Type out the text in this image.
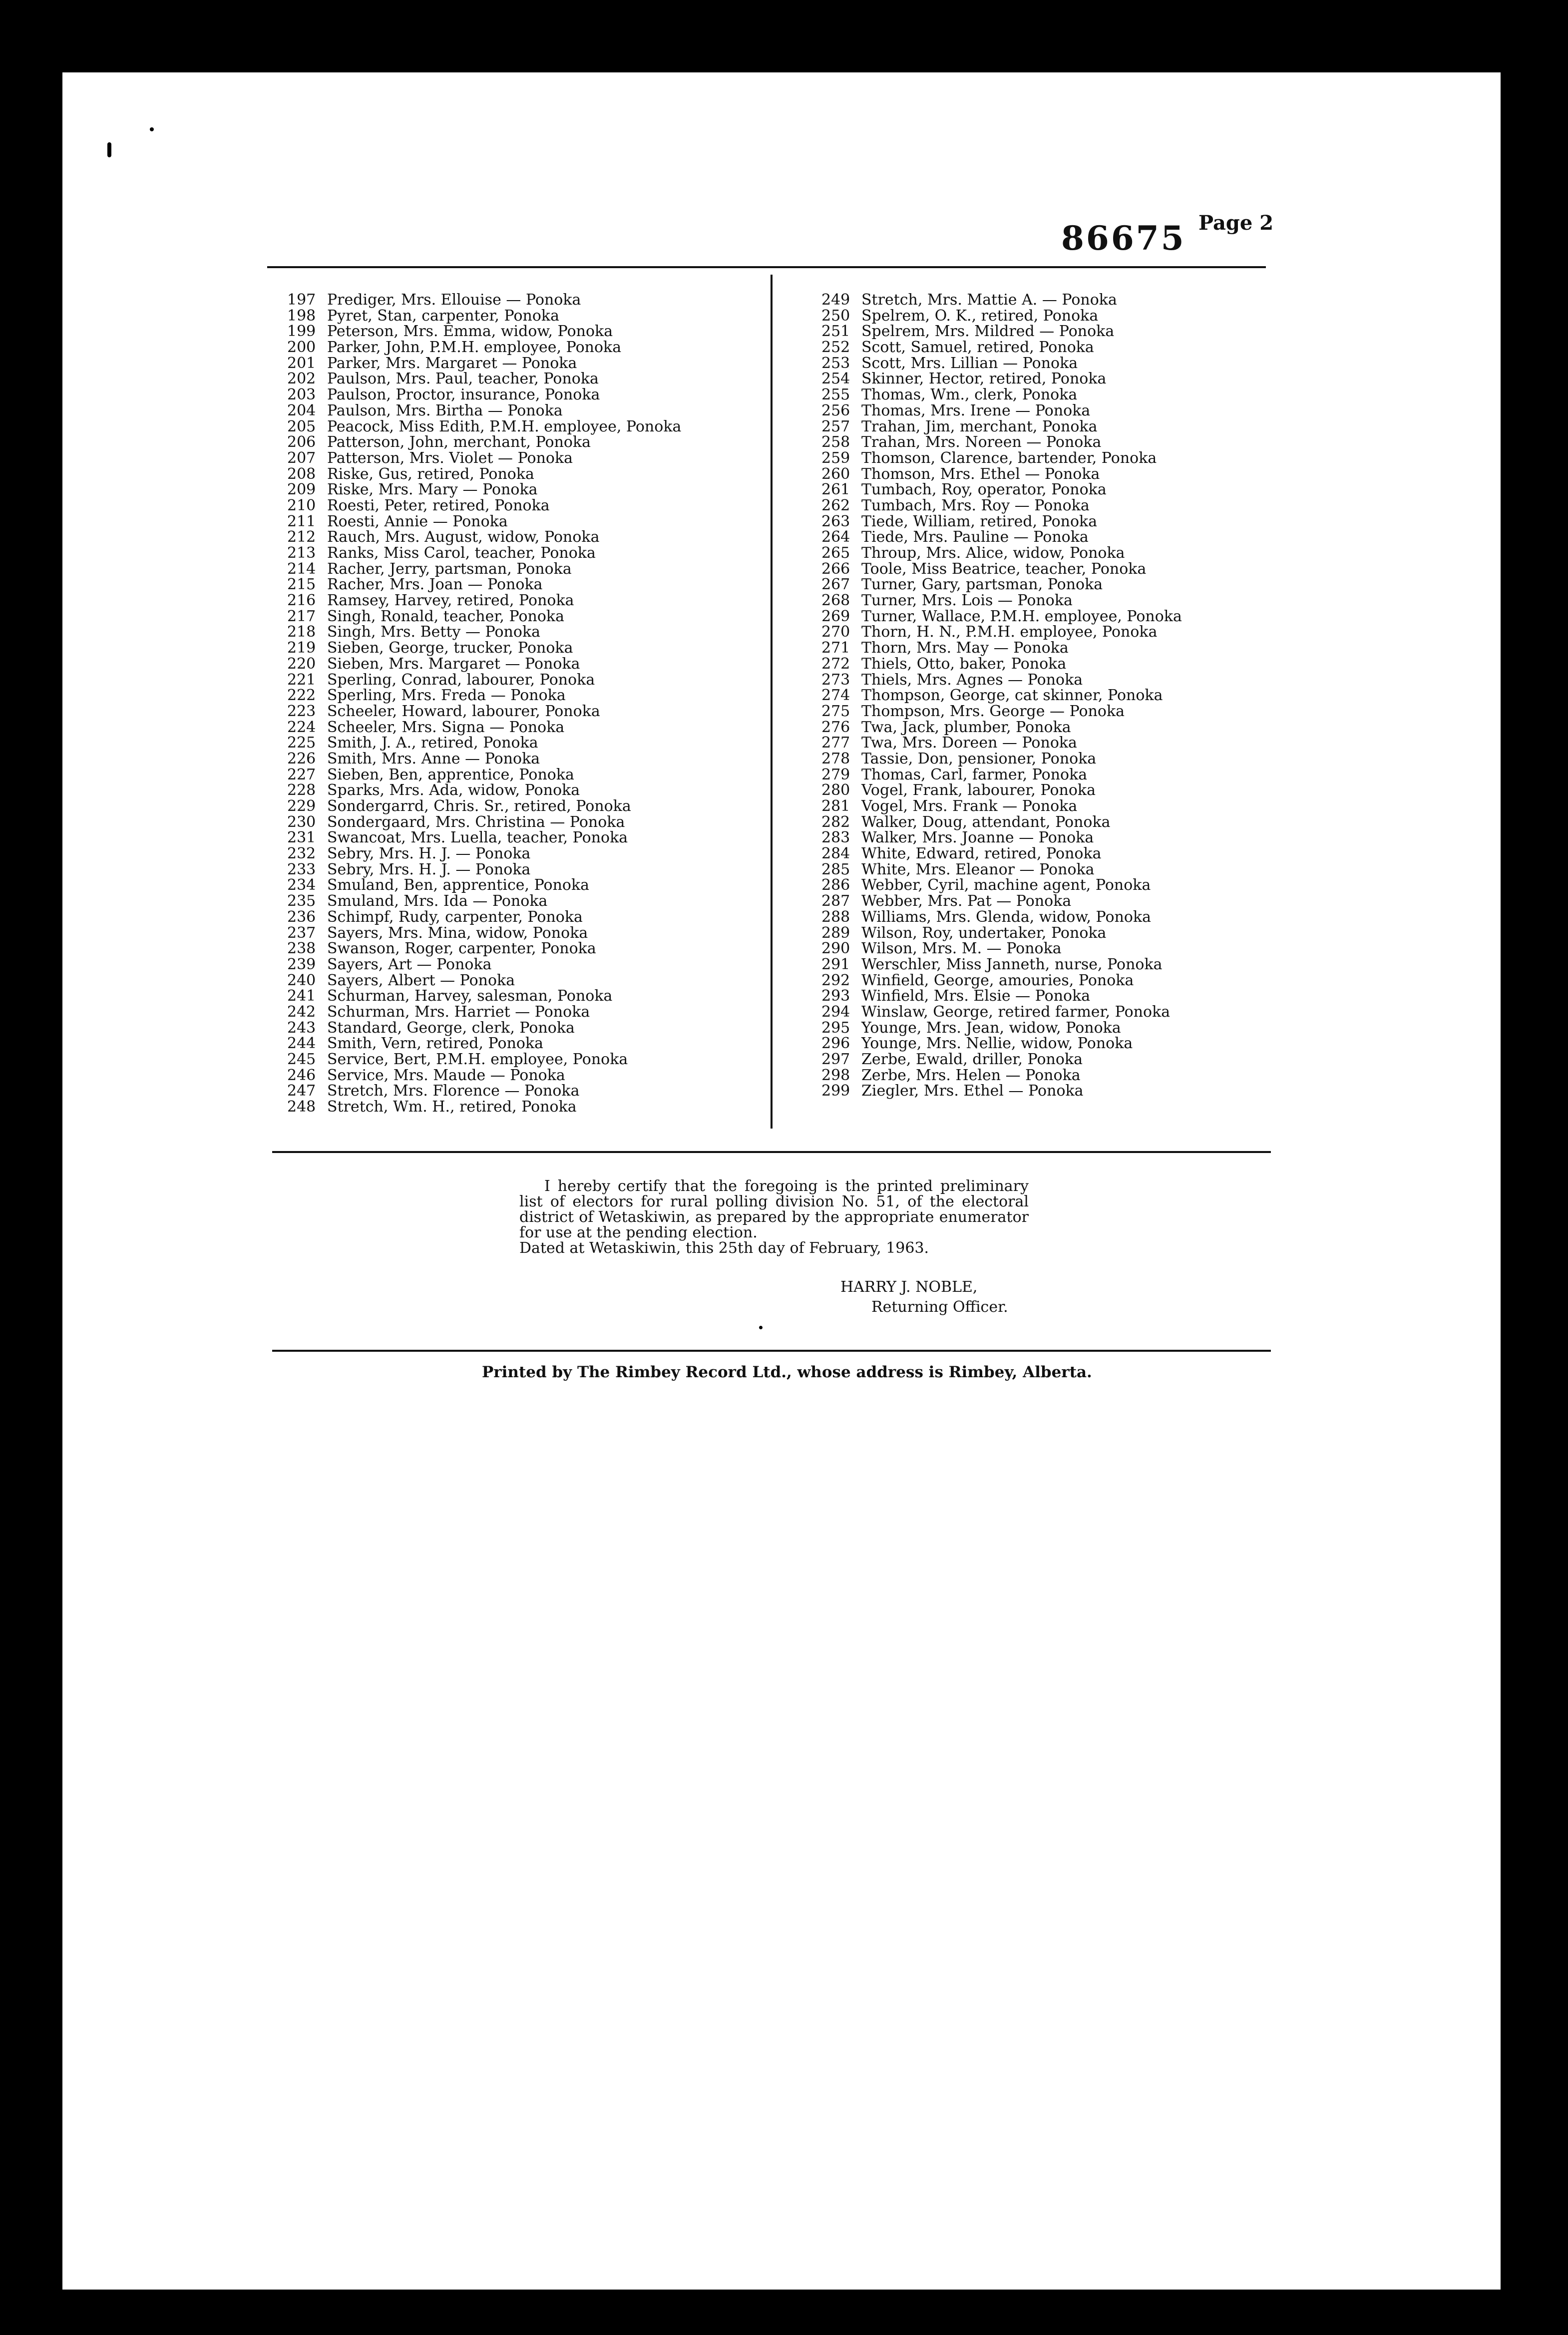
86675 Page 2
197 Prediger, Mrs. Ellouise — Ponoka
198 Pyret, Stan, carpenter, Ponoka
199 Peterson, Mrs. Emma, widow, Ponoka
200 Parker, John, P.M.H. employee, Ponoka
201 Parker, Mrs. Margaret — Ponoka
202 Paulson, Mrs. Paul, teacher, Ponoka
203 Paulson, Proctor, insurance, Ponoka
204 Paulson, Mrs. Birtha — Ponoka
205 Peacock, Miss Edith, P.M.H. employee, Ponoka
206 Patterson, John, merchant, Ponoka
207 Patterson, Mrs. Violet — Ponoka
208 Riske, Gus, retired, Ponoka
209 Riske, Mrs. Mary — Ponoka
210 Roesti, Peter, retired, Ponoka
211 Roesti, Annie — Ponoka
212 Rauch, Mrs. August, widow, Ponoka
213 Ranks, Miss Carol, teacher, Ponoka
214 Racher, Jerry, partsman, Ponoka
215 Racher, Mrs. Joan — Ponoka
216 Ramsey, Harvey, retired, Ponoka
217 Singh, Ronald, teacher, Ponoka
218 Singh, Mrs. Betty — Ponoka
219 Sieben, George, trucker, Ponoka
220 Sieben, Mrs. Margaret — Ponoka
221 Sperling, Conrad, labourer, Ponoka
222 Sperling, Mrs. Freda — Ponoka
223 Scheeler, Howard, labourer, Ponoka
224 Scheeler, Mrs. Signa — Ponoka
225 Smith, J. A., retired, Ponoka
226 Smith, Mrs. Anne — Ponoka
227 Sieben, Ben, apprentice, Ponoka
228 Sparks, Mrs. Ada, widow, Ponoka
229 Sondergarrd, Chris. Sr., retired, Ponoka
230 Sondergaard, Mrs. Christina — Ponoka
231 Swancoat, Mrs. Luella, teacher, Ponoka
232 Sebry, Mrs. H. J. — Ponoka
233 Sebry, Mrs. H. J. — Ponoka
234 Smuland, Ben, apprentice, Ponoka
235 Smuland, Mrs. Ida — Ponoka
236 Schimpf, Rudy, carpenter, Ponoka
237 Sayers, Mrs. Mina, widow, Ponoka
238 Swanson, Roger, carpenter, Ponoka
239 Sayers, Art — Ponoka
240 Sayers, Albert — Ponoka
241 Schurman, Harvey, salesman, Ponoka
242 Schurman, Mrs. Harriet — Ponoka
243 Standard, George, clerk, Ponoka
244 Smith, Vern, retired, Ponoka
245 Service, Bert, P.M.H. employee, Ponoka
246 Service, Mrs. Maude — Ponoka
247 Stretch, Mrs. Florence — Ponoka
248 Stretch, Wm. H., retired, Ponoka
249 Stretch, Mrs. Mattie A. — Ponoka
250 Spelrem, O. K., retired, Ponoka
251 Spelrem, Mrs. Mildred — Ponoka
252 Scott, Samuel, retired, Ponoka
253 Scott, Mrs. Lillian — Ponoka
254 Skinner, Hector, retired, Ponoka
255 Thomas, Wm., clerk, Ponoka
256 Thomas, Mrs. Irene — Ponoka
257 Trahan, Jim, merchant, Ponoka
258 Trahan, Mrs. Noreen — Ponoka
259 Thomson, Clarence, bartender, Ponoka
260 Thomson, Mrs. Ethel — Ponoka
261 Tumbach, Roy, operator, Ponoka
262 Tumbach, Mrs. Roy — Ponoka
263 Tiede, William, retired, Ponoka
264 Tiede, Mrs. Pauline — Ponoka
265 Throup, Mrs. Alice, widow, Ponoka
266 Toole, Miss Beatrice, teacher, Ponoka
267 Turner, Gary, partsman, Ponoka
268 Turner, Mrs. Lois — Ponoka
269 Turner, Wallace, P.M.H. employee, Ponoka
270 Thorn, H. N., P.M.H. employee, Ponoka
271 Thorn, Mrs. May — Ponoka
272 Thiels, Otto, baker, Ponoka
273 Thiels, Mrs. Agnes — Ponoka
274 Thompson, George, cat skinner, Ponoka
275 Thompson, Mrs. George — Ponoka
276 Twa, Jack, plumber, Ponoka
277 Twa, Mrs. Doreen — Ponoka
278 Tassie, Don, pensioner, Ponoka
279 Thomas, Carl, farmer, Ponoka
280 Vogel, Frank, labourer, Ponoka
281 Vogel, Mrs. Frank — Ponoka
282 Walker, Doug, attendant, Ponoka
283 Walker, Mrs. Joanne — Ponoka
284 White, Edward, retired, Ponoka
285 White, Mrs. Eleanor — Ponoka
286 Webber, Cyril, machine agent, Ponoka
287 Webber, Mrs. Pat — Ponoka
288 Williams, Mrs. Glenda, widow, Ponoka
289 Wilson, Roy, undertaker, Ponoka
290 Wilson, Mrs. M. — Ponoka
291 Werschler, Miss Janneth, nurse, Ponoka
292 Winfield, George, amouries, Ponoka
293 Winfield, Mrs. Elsie — Ponoka
294 Winslaw, George, retired farmer, Ponoka
295 Younge, Mrs. Jean, widow, Ponoka
296 Younge, Mrs. Nellie, widow, Ponoka
297 Zerbe, Ewald, driller, Ponoka
298 Zerbe, Mrs. Helen — Ponoka
299 Ziegler, Mrs. Ethel — Ponoka

I hereby certify that the foregoing is the printed preliminary list of electors for rural polling division No. 51, of the electoral district of Wetaskiwin, as prepared by the appropriate enumerator for use at the pending election.

Dated at Wetaskiwin, this 25th day of February, 1963.

HARRY J. NOBLE,
Returning Officer.
Printed by The Rimbey Record Ltd., whose address is Rimbey, Alberta.
